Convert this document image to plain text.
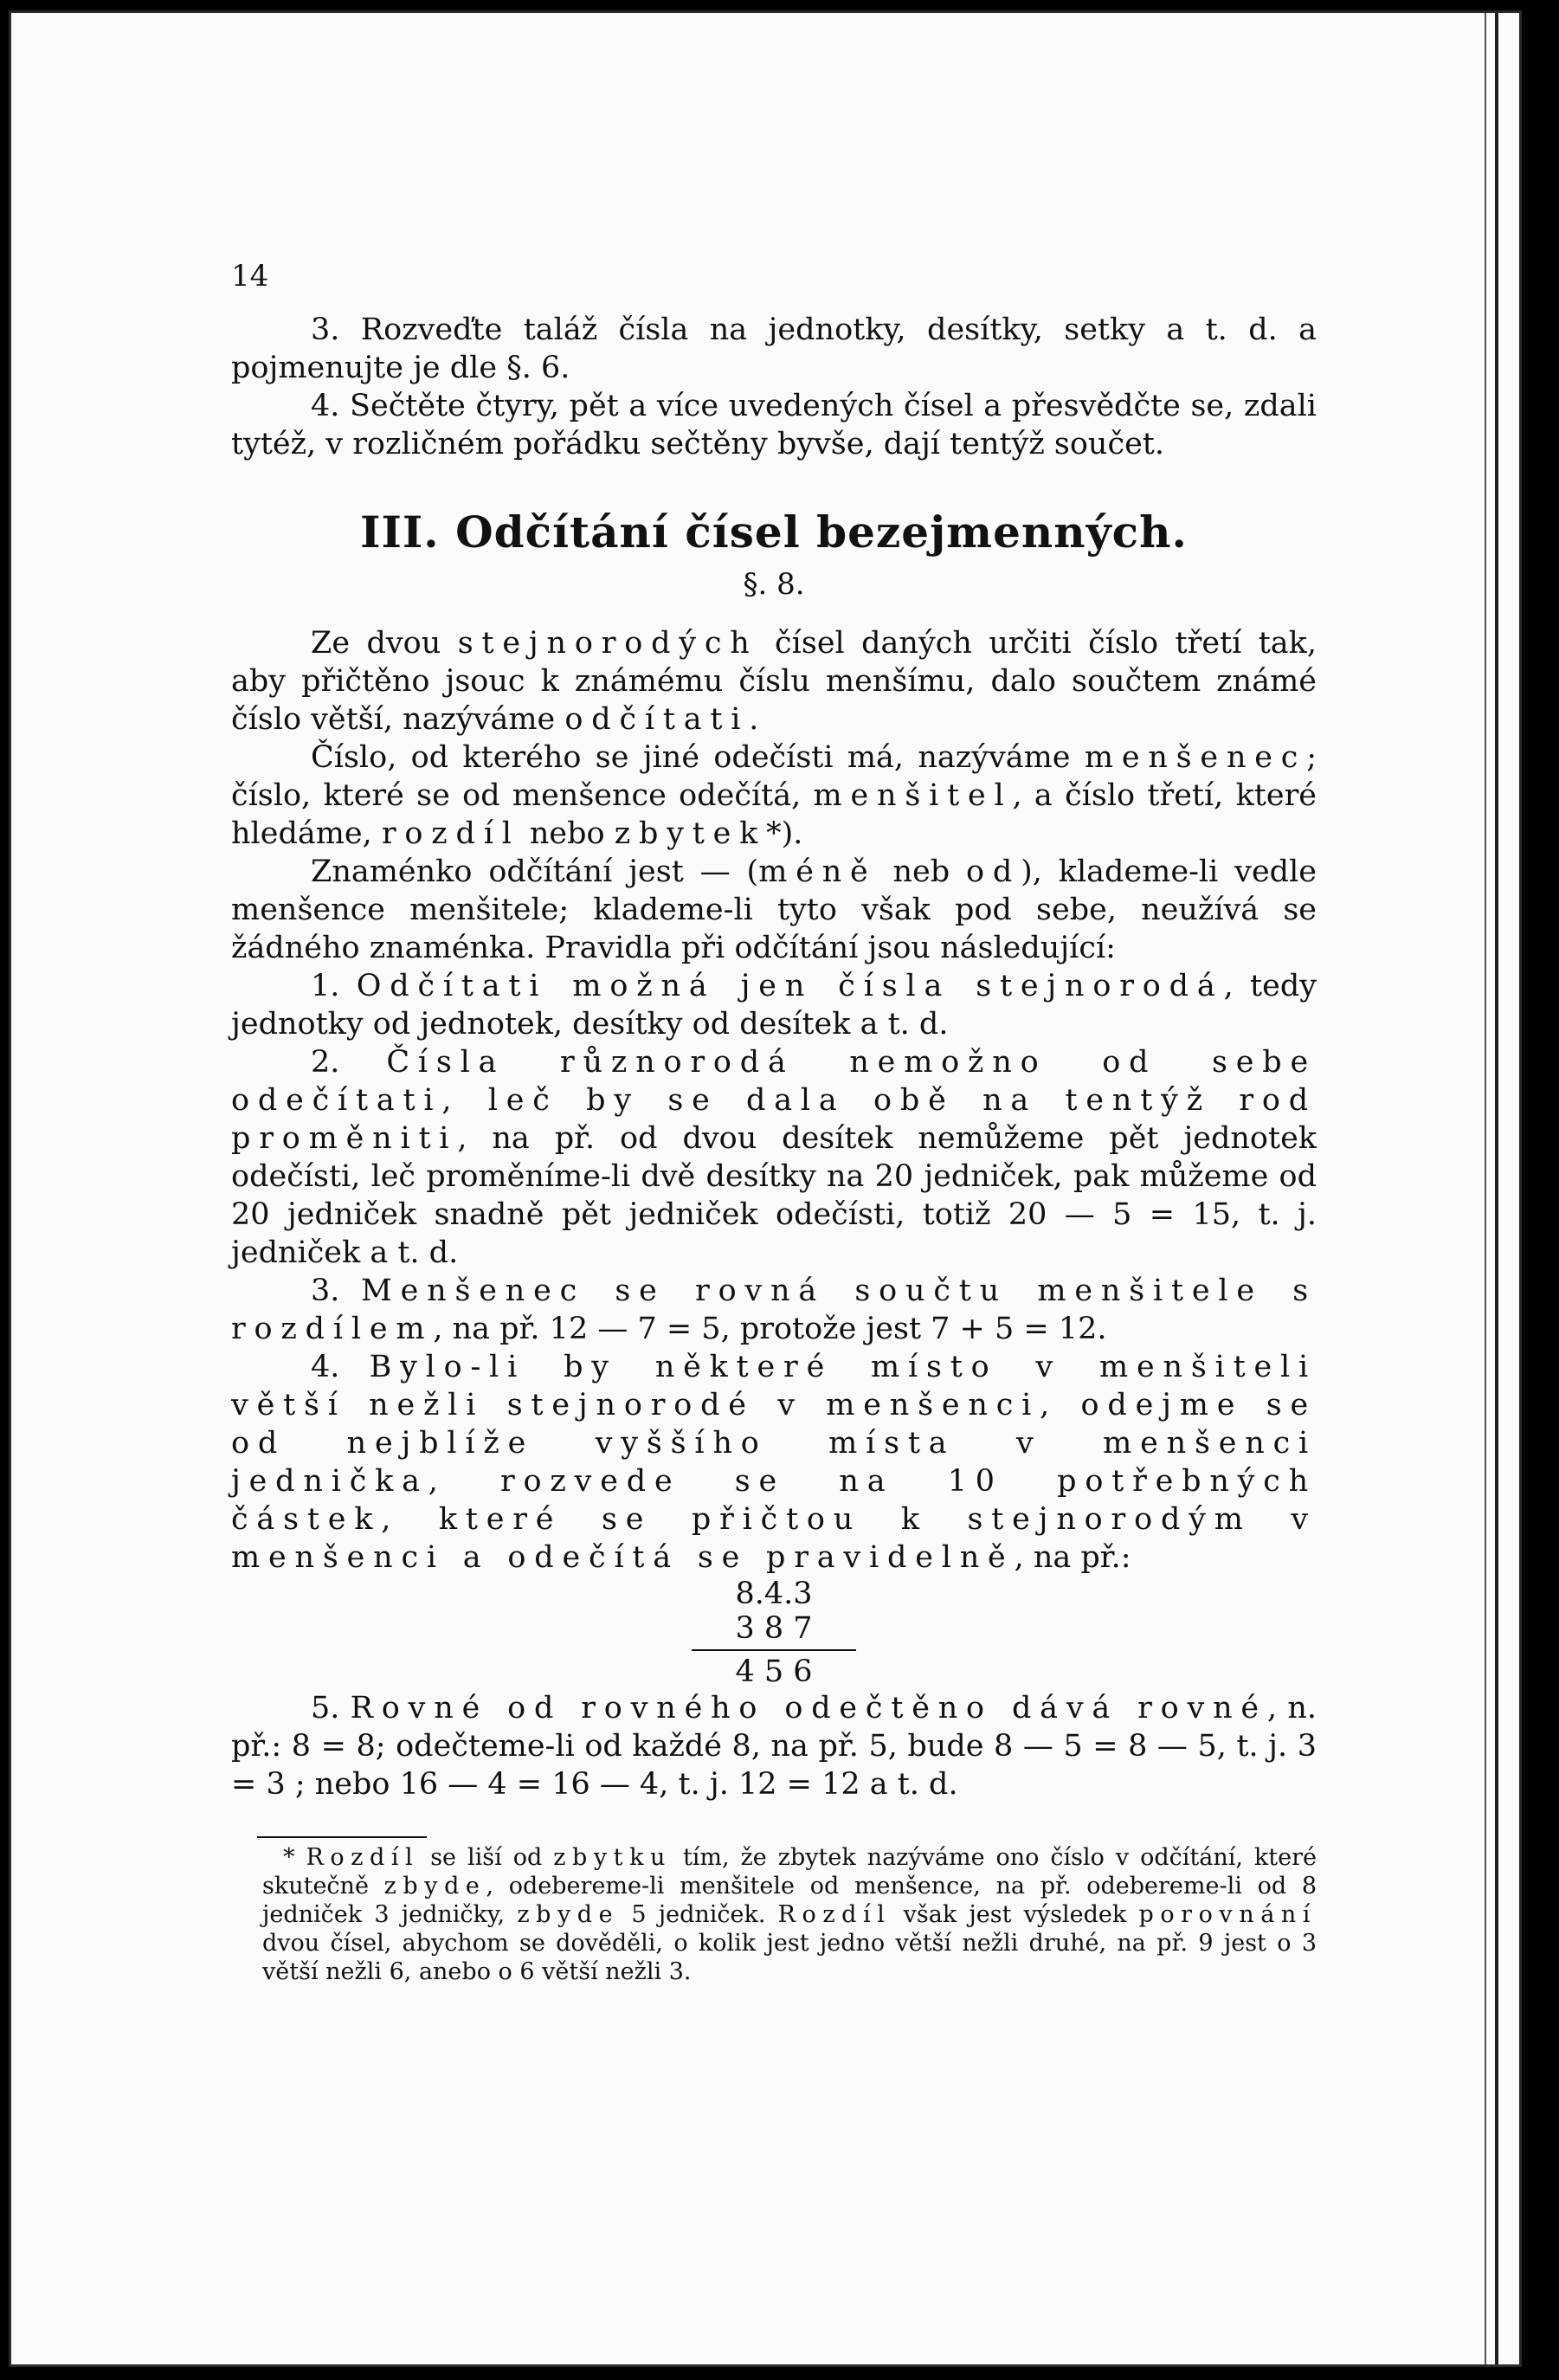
14

3. Rozveďte taláž čísla na jednotky, desítky, setky a t. d. a pojmenujte je dle §. 6.

4. Sečtěte čtyry, pět a více uvedených čísel a přesvědčte se, zdali tytéž, v rozličném pořádku sečtěny byvše, dají tentýž součet.

III. Odčítání čísel bezejmenných.
§. 8.

Ze dvou stejnorodých čísel daných určiti číslo třetí tak, aby přičtěno jsouc k známému číslu menšímu, dalo součtem známé číslo větší, nazýváme odčítati.

Číslo, od kterého se jiné odečísti má, nazýváme menšenec; číslo, které se od menšence odečítá, menšitel, a číslo třetí, které hledáme, rozdíl nebo zbytek*).

Znaménko odčítání jest — (méně neb od), klademe-li vedle menšence menšitele; klademe-li tyto však pod sebe, neužívá se žádného znaménka. Pravidla při odčítání jsou následující:

1. Odčítati možná jen čísla stejnorodá, tedy jednotky od jednotek, desítky od desítek a t. d.

2. Čísla různorodá nemožno od sebe odečítati, leč by se dala obě na tentýž rod proměniti, na př. od dvou desítek nemůžeme pět jednotek odečísti, leč proměníme-li dvě desítky na 20 jedniček, pak můžeme od 20 jedniček snadně pět jedniček odečísti, totiž 20 — 5 = 15, t. j. jedniček a t. d.

3. Menšenec se rovná součtu menšitele s rozdílem, na př. 12 — 7 = 5, protože jest 7 + 5 = 12.

4. Bylo-li by některé místo v menšiteli větší nežli stejnorodé v menšenci, odejme se od nejblíže vyššího místa v menšenci jednička, rozvede se na 10 potřebných částek, které se přičtou k stejnorodým v menšenci a odečítá se pravidelně, na př.:

8.4.3
3 8 7
4 5 6

5. Rovné od rovného odečtěno dává rovné, n. př.: 8 = 8; odečteme-li od každé 8, na př. 5, bude 8 — 5 = 8 — 5, t. j. 3 = 3 ; nebo 16 — 4 = 16 — 4, t. j. 12 = 12 a t. d.

* Rozdíl se liší od zbytku tím, že zbytek nazýváme ono číslo v odčítání, které skutečně zbyde, odebereme-li menšitele od menšence, na př. odebereme-li od 8 jedniček 3 jedničky, zbyde 5 jedniček. Rozdíl však jest výsledek porovnání dvou čísel, abychom se dověděli, o kolik jest jedno větší nežli druhé, na př. 9 jest o 3 větší nežli 6, anebo o 6 větší nežli 3.
